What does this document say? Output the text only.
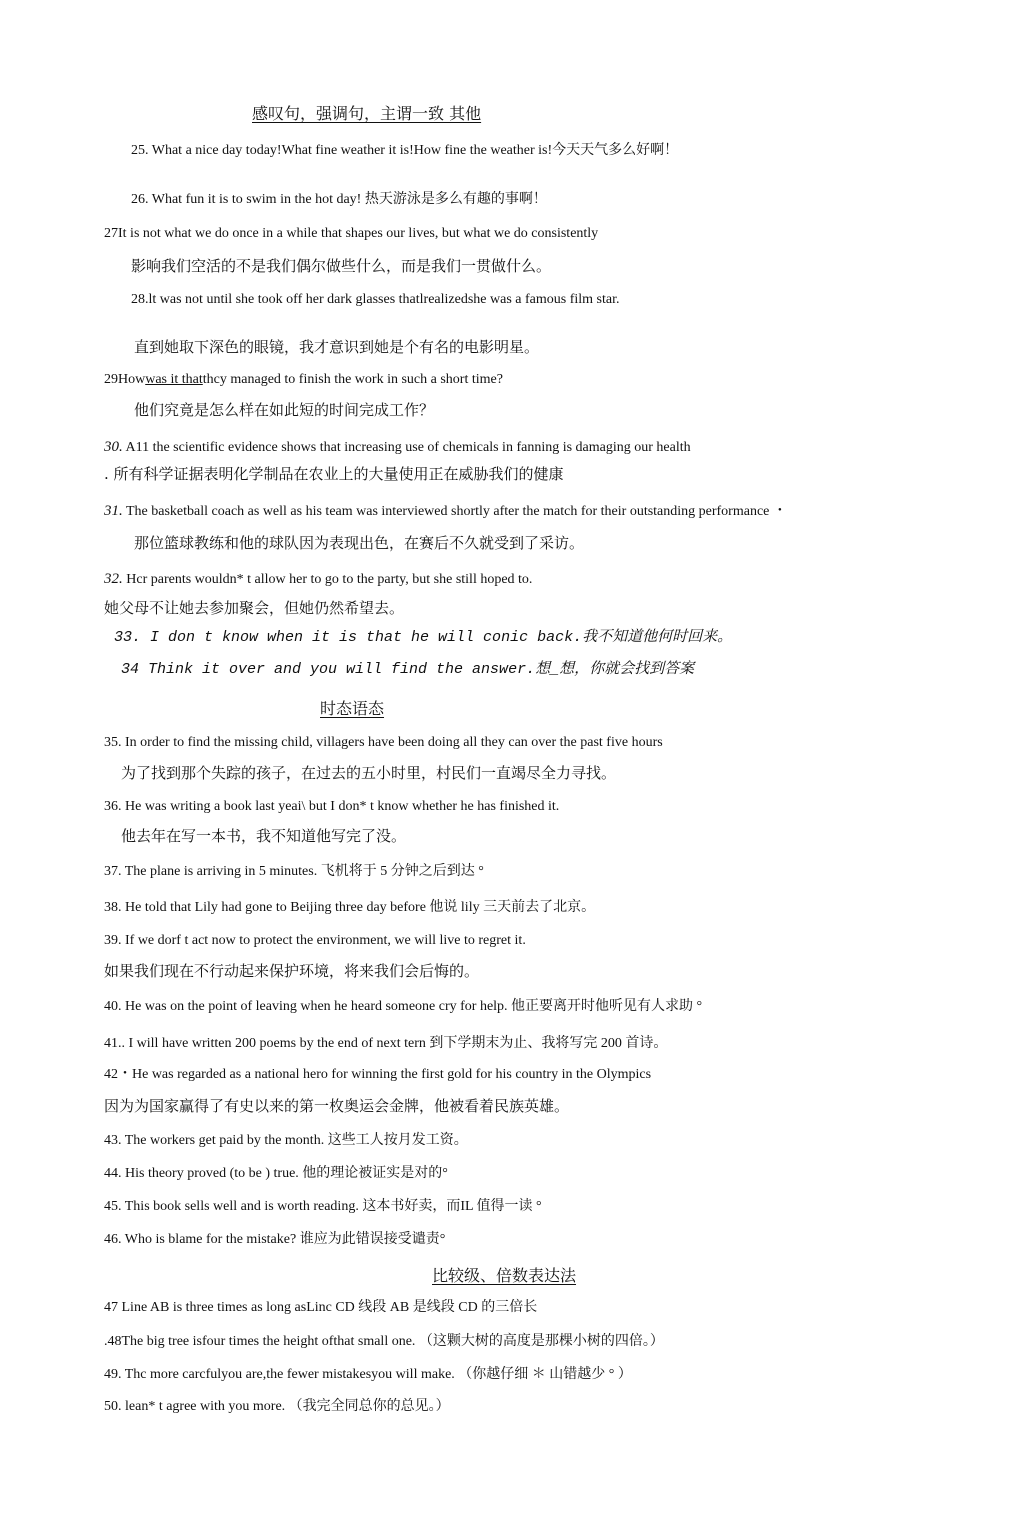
感叹句，强调句，主谓一致 其他
25. What a nice day today!What fine weather it is!How fine the weather is!今天天气多么好啊！
26. What fun it is to swim in the hot day! 热天游泳是多么有趣的事啊！
27It is not what we do once in a while that shapes our lives, but what we do consistently
影响我们空活的不是我们偶尔做些什么，而是我们一贯做什么。
28.lt was not until she took off her dark glasses thatlrealizedshe was a famous film star.
直到她取下深色的眼镜，我才意识到她是个有名的电影明星。
29Howwas it thatthcy managed to finish the work in such a short time?
他们究竟是怎么样在如此短的时间完成工作？
30. A11 the scientific evidence shows that increasing use of chemicals in fanning is damaging our health
. 所有科学证据表明化学制品在农业上的大量使用正在威胁我们的健康
31. The basketball coach as well as his team was interviewed shortly after the match for their outstanding performance ・
那位篮球教练和他的球队因为表现出色，在赛后不久就受到了采访。
32. Hcr parents wouldn* t allow her to go to the party, but she still hoped to.
她父母不让她去参加聚会，但她仍然希望去。
33. I don t know when it is that he will conic back.我不知道他何时回来。
34 Think it over and you will find the answer.想_想，你就会找到答案
时态语态
35. In order to find the missing child, villagers have been doing all they can over the past five hours
为了找到那个失踪的孩子，在过去的五小时里，村民们一直竭尽全力寻找。
36. He was writing a book last yeai\ but I don* t know whether he has finished it.
他去年在写一本书，我不知道他写完了没。
37. The plane is arriving in 5 minutes. 飞机将于 5 分钟之后到达 °
38. He told that Lily had gone to Beijing three day before 他说 lily 三天前去了北京。
39. If we dorf t act now to protect the environment, we will live to regret it.
如果我们现在不行动起来保护环境，将来我们会后悔的。
40. He was on the point of leaving when he heard someone cry for help. 他正要离开时他听见有人求助 °
41.. I will have written 200 poems by the end of next tern 到下学期末为止、我将写完 200 首诗。
42・He was regarded as a national hero for winning the first gold for his country in the Olympics
因为为国家赢得了有史以来的第一枚奥运会金牌，他被看着民族英雄。
43. The workers get paid by the month. 这些工人按月发工资。
44. His theory proved (to be ) true. 他的理论被证实是对的°
45. This book sells well and is worth reading. 这本书好卖，而IL 值得一读 °
46. Who is blame for the mistake? 谁应为此错误接受谴责°
比较级、倍数表达法
47 Line AB is three times as long asLinc CD 线段 AB 是线段 CD 的三倍长
.48The big tree isfour times the height ofthat small one. （这颗大树的高度是那棵小树的四倍。）
49. Thc more carcfulyou are,the fewer mistakesyou will make. （你越仔细 ＊ 山错越少 ° ）
50. lean* t agree with you more. （我完全同总你的总见。）
